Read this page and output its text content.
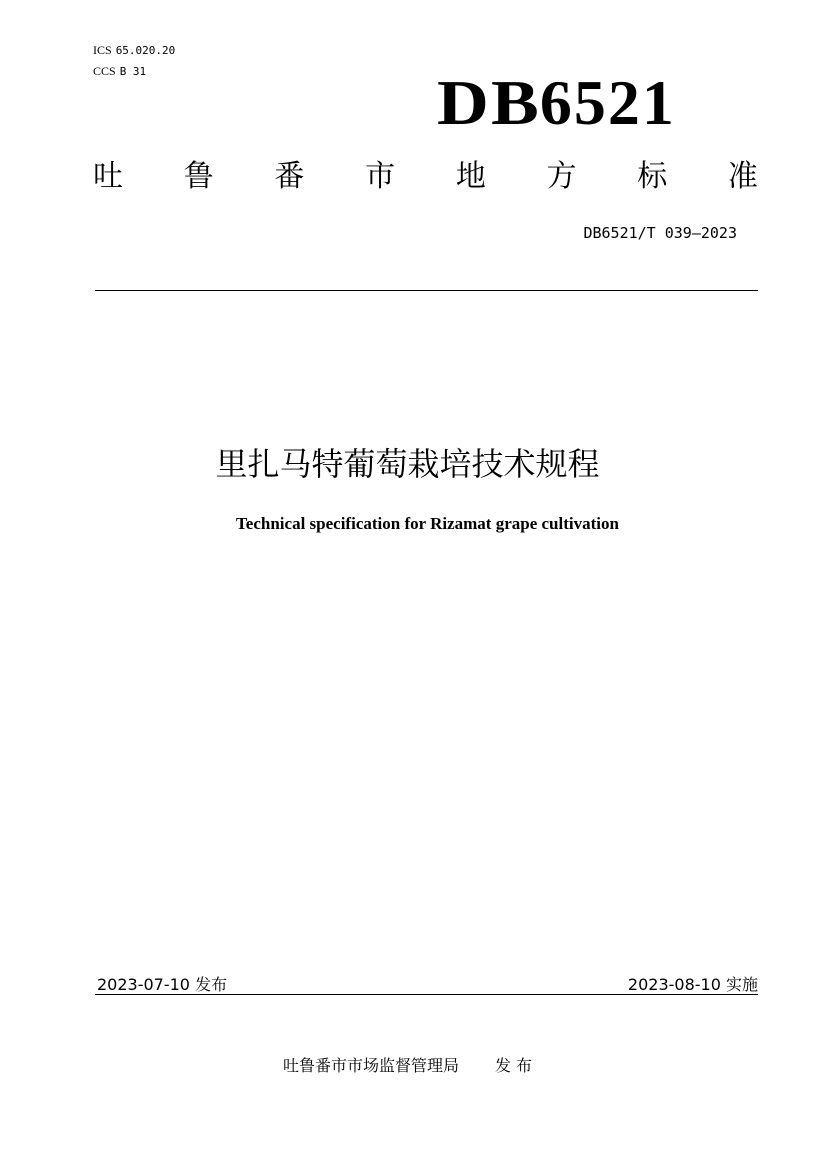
ICS 65.020.20
CCS B 31	DB6521
吐 鲁 番 市 地 方 标 准
DB6521/T 039—2023
里扎马特葡萄栽培技术规程
Technical specification for Rizamat grape cultivation
2023-07-10 发布	2023-08-10 实施
吐鲁番市市场监督管理局 发 布
